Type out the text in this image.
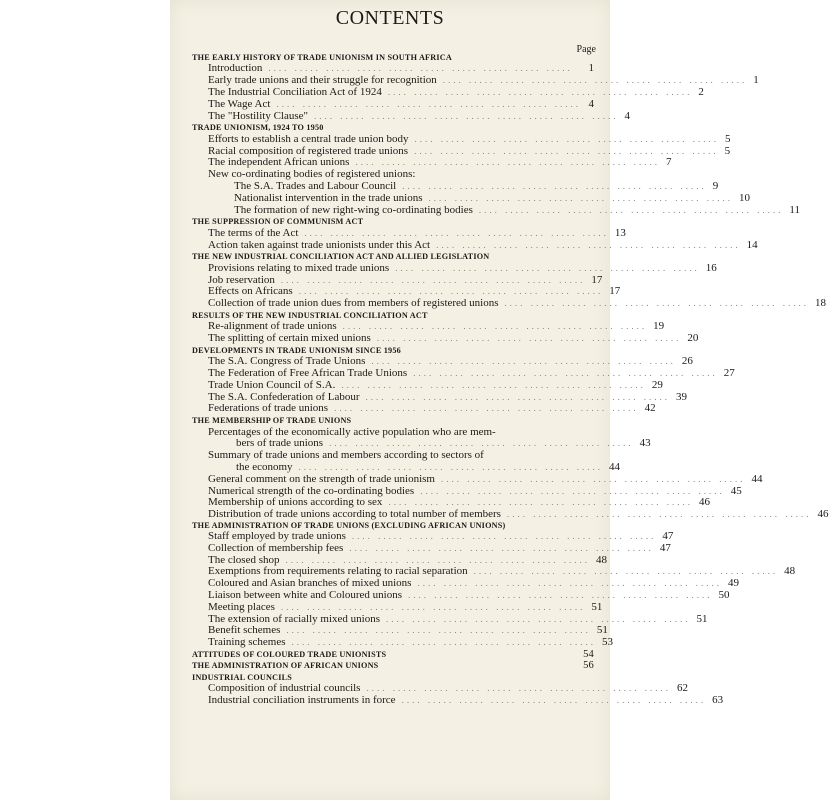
CONTENTS
Page
THE EARLY HISTORY OF TRADE UNIONISM IN SOUTH AFRICA
Introduction .... ..... ..... ..... ..... ..... ..... ..... ..... .....	1
Early trade unions and their struggle for recognition .... ..... ..... ..... ..... ..... ..... ..... ..... ..... 1
The Industrial Conciliation Act of 1924 .... ..... ..... ..... ..... ..... ..... ..... ..... ..... 2
The Wage Act .... ..... ..... ..... ..... ..... ..... ..... ..... ..... 4
The "Hostility Clause" .... ..... ..... ..... ..... ..... ..... ..... ..... ..... 4
TRADE UNIONISM, 1924 TO 1950
Efforts to establish a central trade union body .... ..... ..... ..... ..... ..... ..... ..... ..... ..... 5
Racial composition of registered trade unions .... ..... ..... ..... ..... ..... ..... ..... ..... ..... 5
The independent African unions .... ..... ..... ..... ..... ..... ..... ..... ..... ..... 7
New co-ordinating bodies of registered unions:
The S.A. Trades and Labour Council .... ..... ..... ..... ..... ..... ..... ..... ..... ..... 9
Nationalist intervention in the trade unions .... ..... ..... ..... ..... ..... ..... ..... ..... ..... 10
The formation of new right-wing co-ordinating bodies .... ..... ..... ..... ..... ..... ..... ..... ..... ..... 11
THE SUPPRESSION OF COMMUNISM ACT
The terms of the Act .... ..... ..... ..... ..... ..... ..... ..... ..... ..... 13
Action taken against trade unionists under this Act .... ..... ..... ..... ..... ..... ..... ..... ..... ..... 14
THE NEW INDUSTRIAL CONCILIATION ACT AND ALLIED LEGISLATION
Provisions relating to mixed trade unions .... ..... ..... ..... ..... ..... ..... ..... ..... ..... 16
Job reservation .... ..... ..... ..... ..... ..... ..... ..... ..... ..... 17
Effects on Africans .... ..... ..... ..... ..... ..... ..... ..... ..... ..... 17
Collection of trade union dues from members of registered unions .... ..... ..... ..... ..... ..... ..... ..... ..... ..... 18
RESULTS OF THE NEW INDUSTRIAL CONCILIATION ACT
Re-alignment of trade unions .... ..... ..... ..... ..... ..... ..... ..... ..... ..... 19
The splitting of certain mixed unions .... ..... ..... ..... ..... ..... ..... ..... ..... ..... 20
DEVELOPMENTS IN TRADE UNIONISM SINCE 1956
The S.A. Congress of Trade Unions .... ..... ..... ..... ..... ..... ..... ..... ..... ..... 26
The Federation of Free African Trade Unions .... ..... ..... ..... ..... ..... ..... ..... ..... ..... 27
Trade Union Council of S.A. .... ..... ..... ..... ..... ..... ..... ..... ..... ..... 29
The S.A. Confederation of Labour .... ..... ..... ..... ..... ..... ..... ..... ..... ..... 39
Federations of trade unions .... ..... ..... ..... ..... ..... ..... ..... ..... ..... 42
THE MEMBERSHIP OF TRADE UNIONS
Percentages of the economically active population who are mem-
bers of trade unions .... ..... ..... ..... ..... ..... ..... ..... ..... ..... 43
Summary of trade unions and members according to sectors of
the economy .... ..... ..... ..... ..... ..... ..... ..... ..... ..... 44
General comment on the strength of trade unionism .... ..... ..... ..... ..... ..... ..... ..... ..... ..... 44
Numerical strength of the co-ordinating bodies .... ..... ..... ..... ..... ..... ..... ..... ..... ..... 45
Membership of unions according to sex .... ..... ..... ..... ..... ..... ..... ..... ..... ..... 46
Distribution of trade unions according to total number of members .... ..... ..... ..... ..... ..... ..... ..... ..... ..... 46
THE ADMINISTRATION OF TRADE UNIONS (EXCLUDING AFRICAN UNIONS)
Staff employed by trade unions .... ..... ..... ..... ..... ..... ..... ..... ..... ..... 47
Collection of membership fees .... ..... ..... ..... ..... ..... ..... ..... ..... ..... 47
The closed shop .... ..... ..... ..... ..... ..... ..... ..... ..... ..... 48
Exemptions from requirements relating to racial separation .... ..... ..... ..... ..... ..... ..... ..... ..... ..... 48
Coloured and Asian branches of mixed unions .... ..... ..... ..... ..... ..... ..... ..... ..... ..... 49
Liaison between white and Coloured unions .... ..... ..... ..... ..... ..... ..... ..... ..... ..... 50
Meeting places .... ..... ..... ..... ..... ..... ..... ..... ..... ..... 51
The extension of racially mixed unions .... ..... ..... ..... ..... ..... ..... ..... ..... ..... 51
Benefit schemes .... ..... ..... ..... ..... ..... ..... ..... ..... ..... 51
Training schemes .... ..... ..... ..... ..... ..... ..... ..... ..... ..... 53
ATTITUDES OF COLOURED TRADE UNIONISTS	54
THE ADMINISTRATION OF AFRICAN UNIONS	56
INDUSTRIAL COUNCILS
Composition of industrial councils .... ..... ..... ..... ..... ..... ..... ..... ..... ..... 62
Industrial conciliation instruments in force .... ..... ..... ..... ..... ..... ..... ..... ..... ..... 63
